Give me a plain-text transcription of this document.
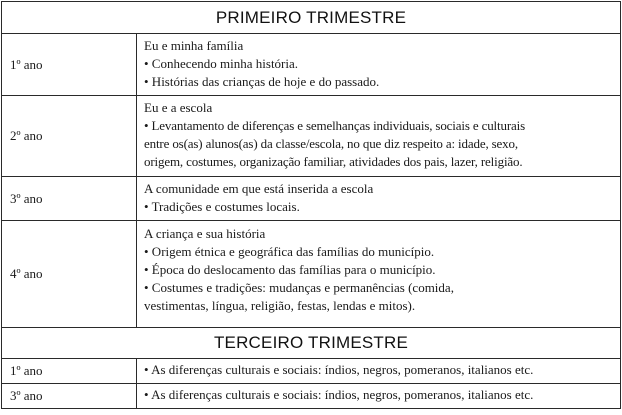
PRIMEIRO TRIMESTRE	
1º ano	Eu e minha família
• Conhecendo minha história.
• Histórias das crianças de hoje e do passado.

2º ano	Eu e a escola
• Levantamento de diferenças e semelhanças individuais, sociais e culturais
entre os(as) alunos(as) da classe/escola, no que diz respeito a: idade, sexo,
origem, costumes, organização familiar, atividades dos pais, lazer, religião.

3º ano	A comunidade em que está inserida a escola
• Tradições e costumes locais.

4º ano	A criança e sua história
• Origem étnica e geográfica das famílias do município.
• Época do deslocamento das famílias para o município.
• Costumes e tradições: mudanças e permanências (comida,
vestimentas, língua, religião, festas, lendas e mitos).

TERCEIRO TRIMESTRE	
1º ano	• As diferenças culturais e sociais: índios, negros, pomeranos, italianos etc.

3º ano	• As diferenças culturais e sociais: índios, negros, pomeranos, italianos etc.
